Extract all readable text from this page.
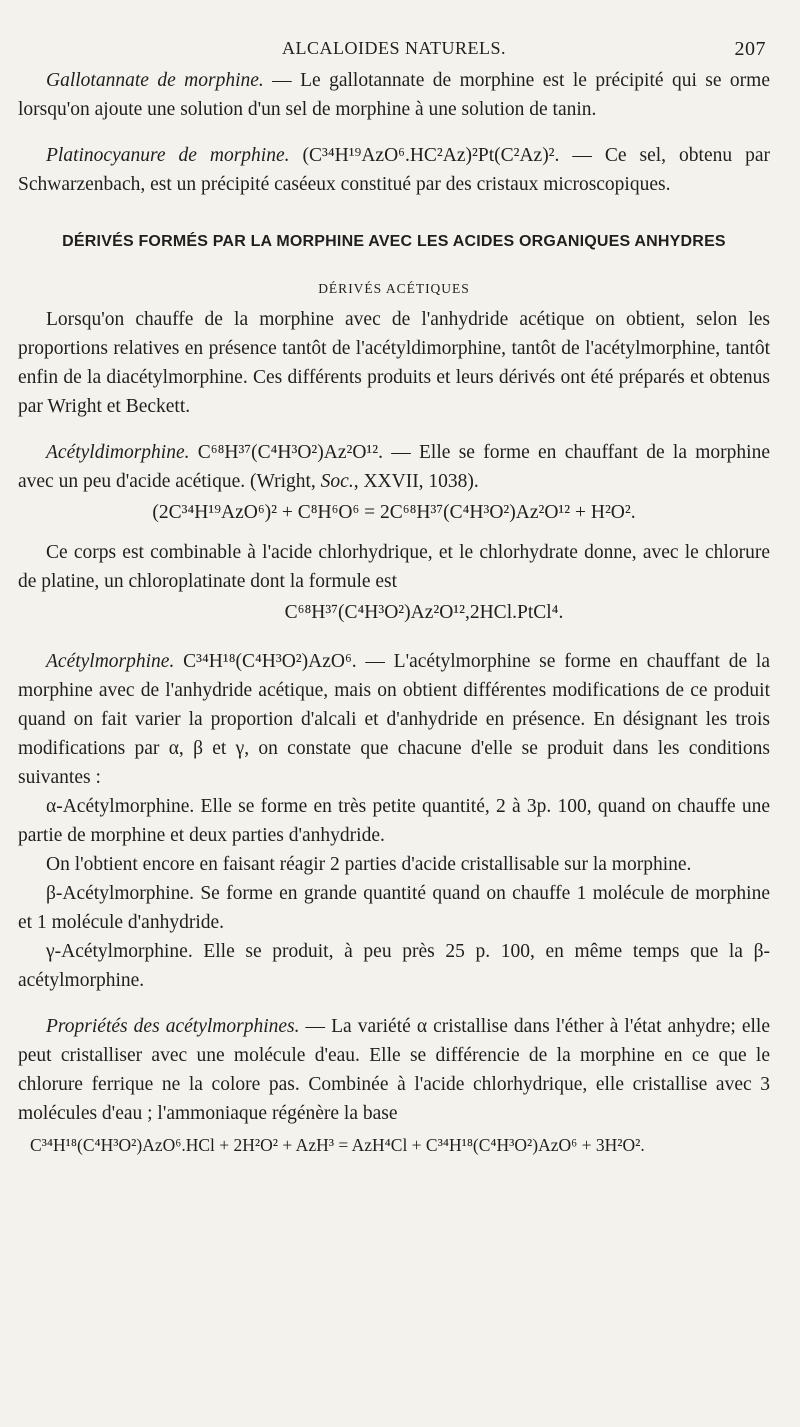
ALCALOIDES NATURELS.	207

Gallotannate de morphine. — Le gallotannate de morphine est le précipité qui se orme lorsqu'on ajoute une solution d'un sel de morphine à une solution de tanin.

Platinocyanure de morphine. (C³⁴H¹⁹AzO⁶.HC²Az)²Pt(C²Az)². — Ce sel, obtenu par Schwarzenbach, est un précipité caséeux constitué par des cristaux microscopiques.

DÉRIVÉS FORMÉS PAR LA MORPHINE AVEC LES ACIDES ORGANIQUES ANHYDRES
DÉRIVÉS ACÉTIQUES

Lorsqu'on chauffe de la morphine avec de l'anhydride acétique on obtient, selon les proportions relatives en présence tantôt de l'acétyldimorphine, tantôt de l'acétylmorphine, tantôt enfin de la diacétylmorphine. Ces différents produits et leurs dérivés ont été préparés et obtenus par Wright et Beckett.

Acétyldimorphine. C⁶⁸H³⁷(C⁴H³O²)Az²O¹². — Elle se forme en chauffant de la morphine avec un peu d'acide acétique. (Wright, Soc., XXVII, 1038).

(2C³⁴H¹⁹AzO⁶)² + C⁸H⁶O⁶ = 2C⁶⁸H³⁷(C⁴H³O²)Az²O¹² + H²O².

Ce corps est combinable à l'acide chlorhydrique, et le chlorhydrate donne, avec le chlorure de platine, un chloroplatinate dont la formule est

C⁶⁸H³⁷(C⁴H³O²)Az²O¹²,2HCl.PtCl⁴.

Acétylmorphine. C³⁴H¹⁸(C⁴H³O²)AzO⁶. — L'acétylmorphine se forme en chauffant de la morphine avec de l'anhydride acétique, mais on obtient différentes modifications de ce produit quand on fait varier la proportion d'alcali et d'anhydride en présence. En désignant les trois modifications par α, β et γ, on constate que chacune d'elle se produit dans les conditions suivantes :

α-Acétylmorphine. Elle se forme en très petite quantité, 2 à 3p. 100, quand on chauffe une partie de morphine et deux parties d'anhydride.

On l'obtient encore en faisant réagir 2 parties d'acide cristallisable sur la morphine.

β-Acétylmorphine. Se forme en grande quantité quand on chauffe 1 molécule de morphine et 1 molécule d'anhydride.

γ-Acétylmorphine. Elle se produit, à peu près 25 p. 100, en même temps que la β-acétylmorphine.

Propriétés des acétylmorphines. — La variété α cristallise dans l'éther à l'état anhydre; elle peut cristalliser avec une molécule d'eau. Elle se différencie de la morphine en ce que le chlorure ferrique ne la colore pas. Combinée à l'acide chlorhydrique, elle cristallise avec 3 molécules d'eau ; l'ammoniaque régénère la base

C³⁴H¹⁸(C⁴H³O²)AzO⁶.HCl + 2H²O² + AzH³ = AzH⁴Cl + C³⁴H¹⁸(C⁴H³O²)AzO⁶ + 3H²O².
